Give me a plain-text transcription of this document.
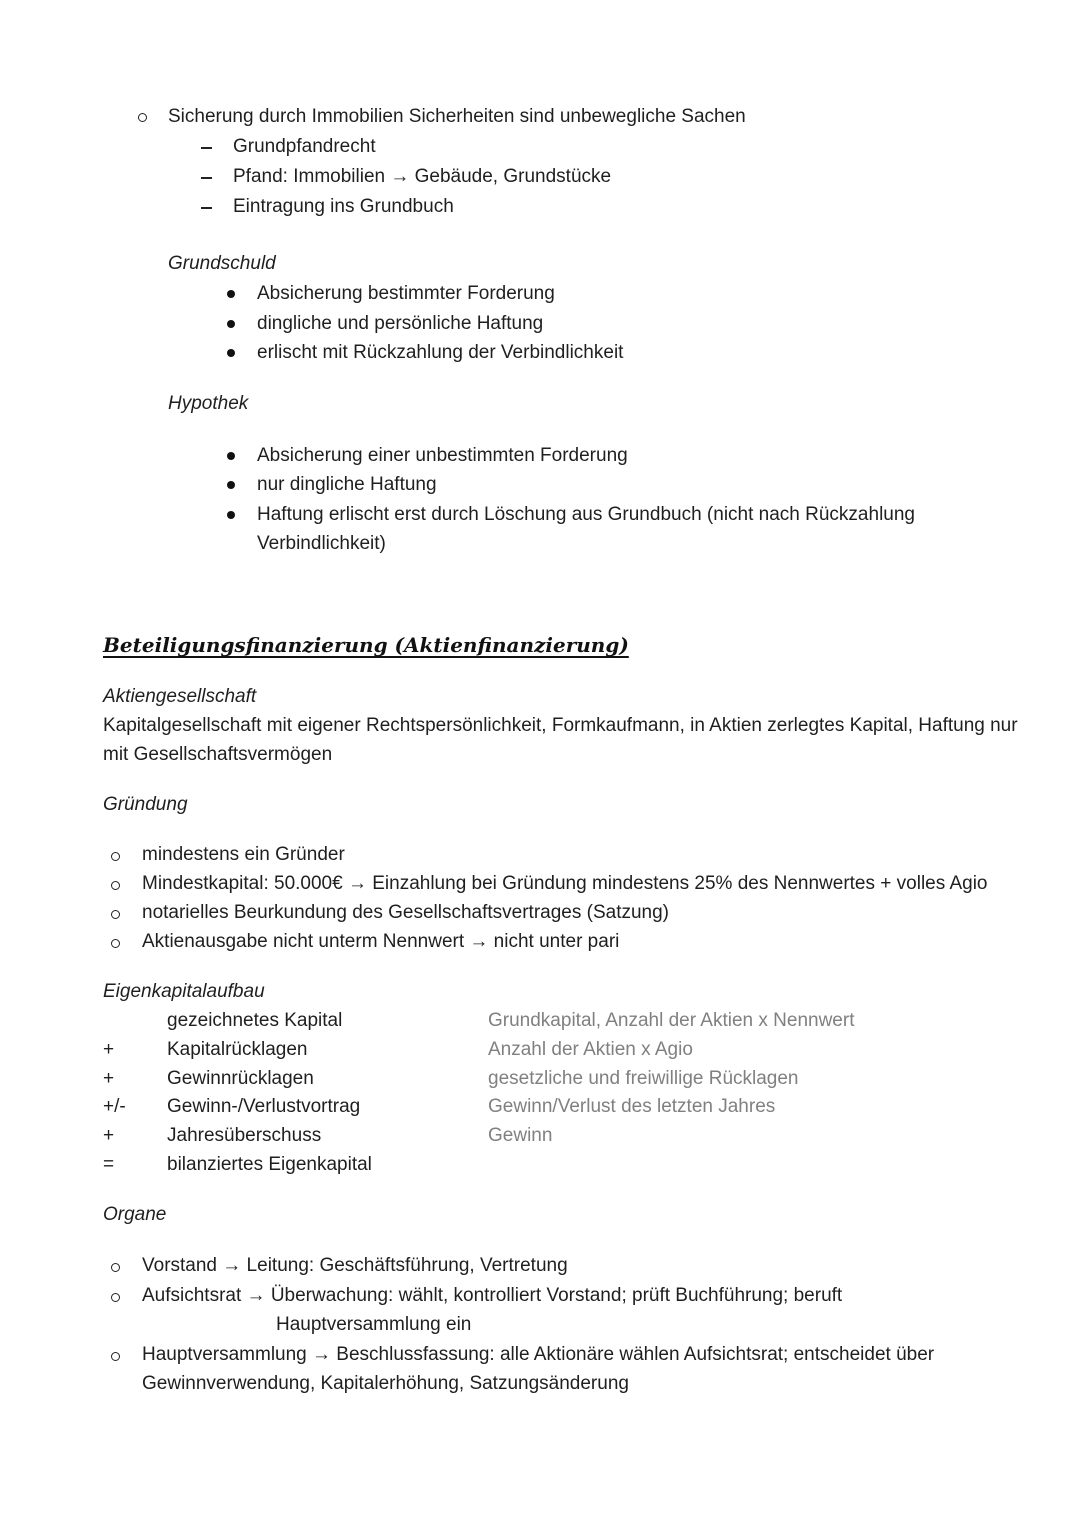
Sicherung durch Immobilien Sicherheiten sind unbewegliche Sachen
Grundpfandrecht
Pfand: Immobilien → Gebäude, Grundstücke
Eintragung ins Grundbuch
Grundschuld
Absicherung bestimmter Forderung
dingliche und persönliche Haftung
erlischt mit Rückzahlung der Verbindlichkeit
Hypothek
Absicherung einer unbestimmten Forderung
nur dingliche Haftung
Haftung erlischt erst durch Löschung aus Grundbuch (nicht nach Rückzahlung
Verbindlichkeit)
Beteiligungsfinanzierung (Aktienfinanzierung)
Aktiengesellschaft
Kapitalgesellschaft mit eigener Rechtspersönlichkeit, Formkaufmann, in Aktien zerlegtes Kapital, Haftung nur
mit Gesellschaftsvermögen
Gründung
mindestens ein Gründer
Mindestkapital: 50.000€ → Einzahlung bei Gründung mindestens 25% des Nennwertes + volles Agio
notarielles Beurkundung des Gesellschaftsvertrages (Satzung)
Aktienausgabe nicht unterm Nennwert → nicht unter pari
Eigenkapitalaufbau
gezeichnetes Kapital	Grundkapital, Anzahl der Aktien x Nennwert
+	Kapitalrücklagen	Anzahl der Aktien x Agio
+	Gewinnrücklagen	gesetzliche und freiwillige Rücklagen
+/- Gewinn-/Verlustvortrag	Gewinn/Verlust des letzten Jahres
+	Jahresüberschuss	Gewinn
=	bilanziertes Eigenkapital
Organe
Vorstand → Leitung: Geschäftsführung, Vertretung
Aufsichtsrat → Überwachung: wählt, kontrolliert Vorstand; prüft Buchführung; beruft
Hauptversammlung ein
Hauptversammlung → Beschlussfassung: alle Aktionäre wählen Aufsichtsrat; entscheidet über
Gewinnverwendung, Kapitalerhöhung, Satzungsänderung
